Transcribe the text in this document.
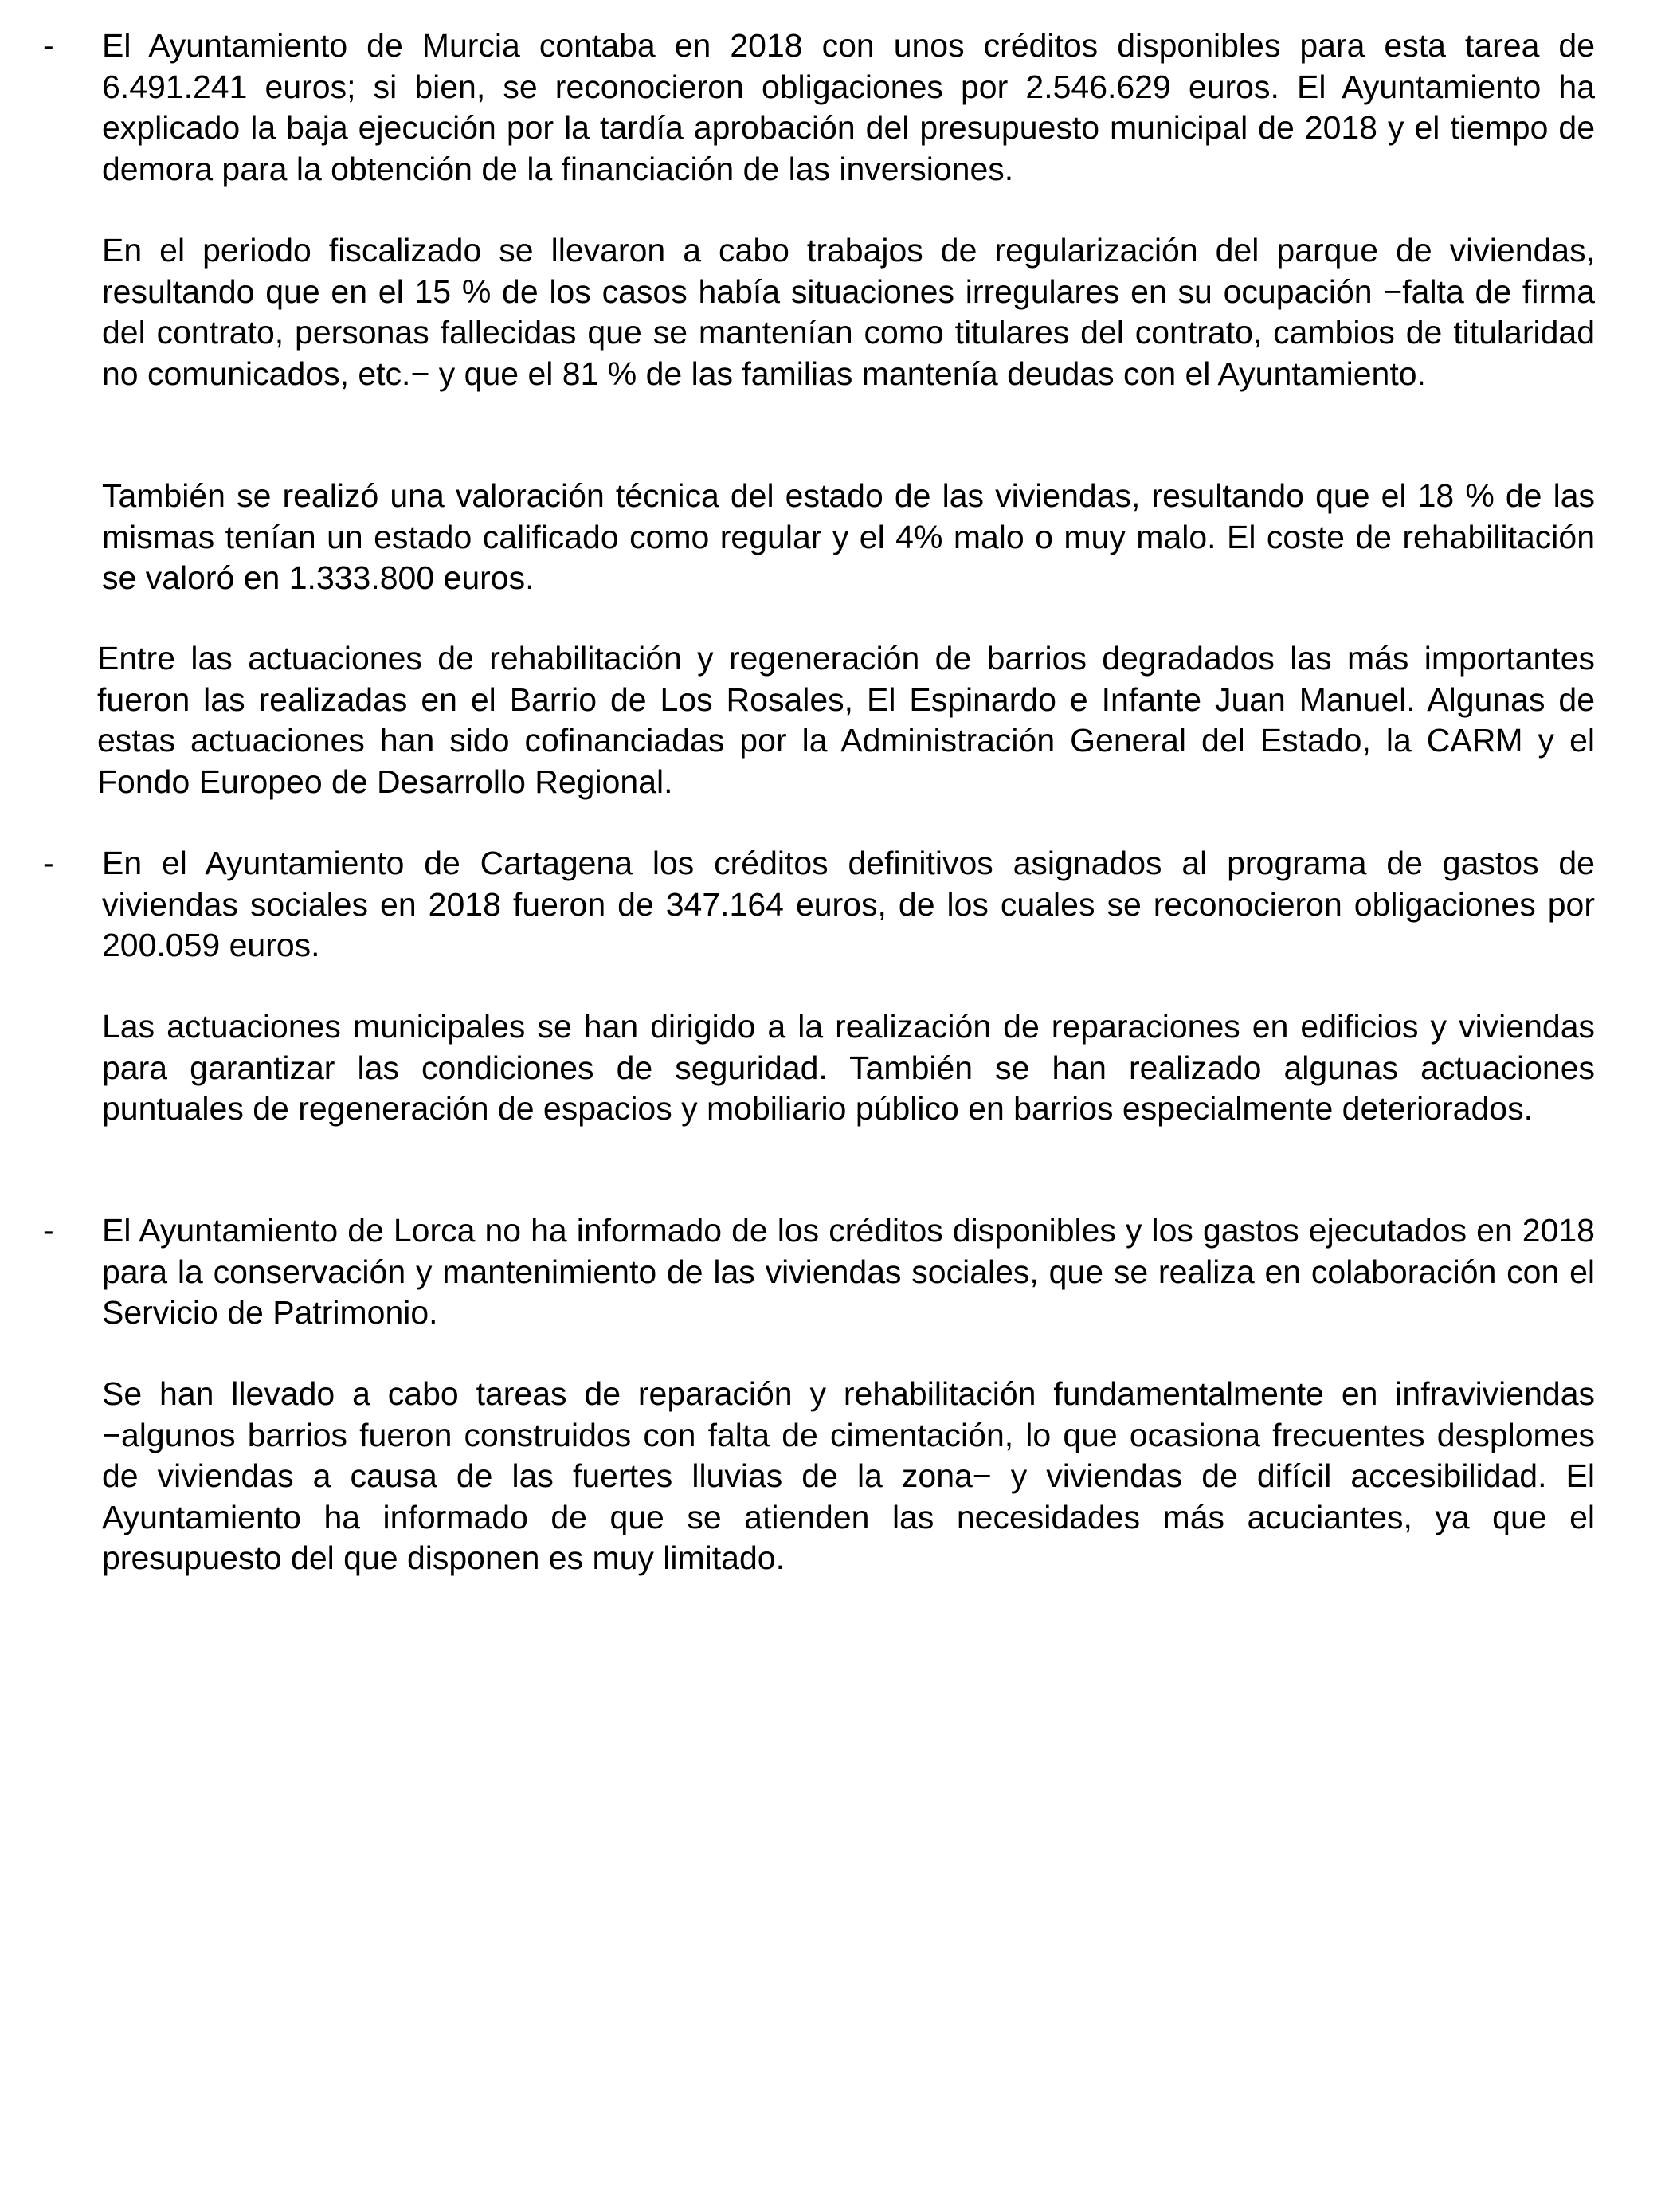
- El Ayuntamiento de Murcia contaba en 2018 con unos créditos disponibles para esta tarea de 6.491.241 euros; si bien, se reconocieron obligaciones por 2.546.629 euros. El Ayuntamiento ha explicado la baja ejecución por la tardía aprobación del presupuesto municipal de 2018 y el tiempo de demora para la obtención de la financiación de las inversiones.

En el periodo fiscalizado se llevaron a cabo trabajos de regularización del parque de viviendas, resultando que en el 15 % de los casos había situaciones irregulares en su ocupación −falta de firma del contrato, personas fallecidas que se mantenían como titulares del contrato, cambios de titularidad no comunicados, etc.− y que el 81 % de las familias mantenía deudas con el Ayuntamiento.

También se realizó una valoración técnica del estado de las viviendas, resultando que el 18 % de las mismas tenían un estado calificado como regular y el 4% malo o muy malo. El coste de rehabilitación se valoró en 1.333.800 euros.

Entre las actuaciones de rehabilitación y regeneración de barrios degradados las más importantes fueron las realizadas en el Barrio de Los Rosales, El Espinardo e Infante Juan Manuel. Algunas de estas actuaciones han sido cofinanciadas por la Administración General del Estado, la CARM y el Fondo Europeo de Desarrollo Regional.

- En el Ayuntamiento de Cartagena los créditos definitivos asignados al programa de gastos de viviendas sociales en 2018 fueron de 347.164 euros, de los cuales se reconocieron obligaciones por 200.059 euros.

Las actuaciones municipales se han dirigido a la realización de reparaciones en edificios y viviendas para garantizar las condiciones de seguridad. También se han realizado algunas actuaciones puntuales de regeneración de espacios y mobiliario público en barrios especialmente deteriorados.

- El Ayuntamiento de Lorca no ha informado de los créditos disponibles y los gastos ejecutados en 2018 para la conservación y mantenimiento de las viviendas sociales, que se realiza en colaboración con el Servicio de Patrimonio.

Se han llevado a cabo tareas de reparación y rehabilitación fundamentalmente en infraviviendas −algunos barrios fueron construidos con falta de cimentación, lo que ocasiona frecuentes desplomes de viviendas a causa de las fuertes lluvias de la zona− y viviendas de difícil accesibilidad. El Ayuntamiento ha informado de que se atienden las necesidades más acuciantes, ya que el presupuesto del que disponen es muy limitado.
